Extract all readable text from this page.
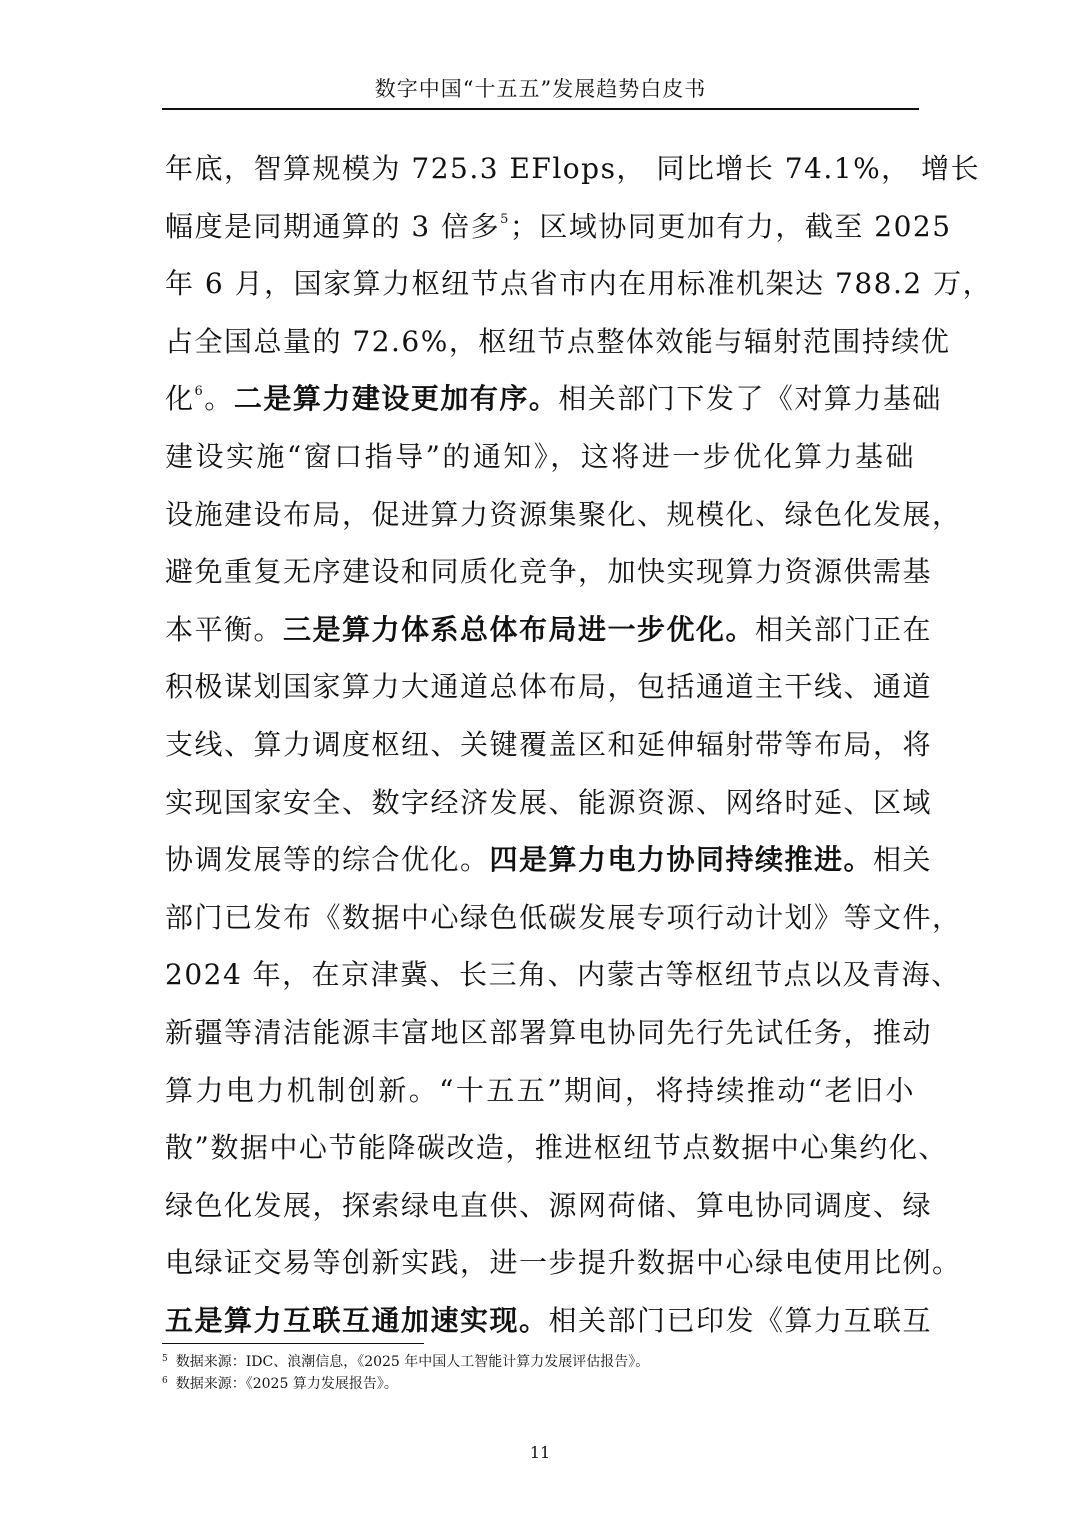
数字中国“十五五”发展趋势白皮书
年底，智算规模为 725.3 EFlops， 同比增长 74.1%， 增长
幅度是同期通算的 3 倍多$^5$；区域协同更加有力，截至 2025
年 6 月，国家算力枢纽节点省市内在用标准机架达 788.2 万，
占全国总量的 72.6%，枢纽节点整体效能与辐射范围持续优
化$^6$。二是算力建设更加有序。相关部门下发了《对算力基础
建设实施“窗口指导”的通知》，这将进一步优化算力基础
设施建设布局，促进算力资源集聚化、规模化、绿色化发展，
避免重复无序建设和同质化竞争，加快实现算力资源供需基
本平衡。三是算力体系总体布局进一步优化。相关部门正在
积极谋划国家算力大通道总体布局，包括通道主干线、通道
支线、算力调度枢纽、关键覆盖区和延伸辐射带等布局，将
实现国家安全、数字经济发展、能源资源、网络时延、区域
协调发展等的综合优化。四是算力电力协同持续推进。相关
部门已发布《数据中心绿色低碳发展专项行动计划》等文件，
2024 年，在京津冀、长三角、内蒙古等枢纽节点以及青海、
新疆等清洁能源丰富地区部署算电协同先行先试任务，推动
算力电力机制创新。“十五五”期间，将持续推动“老旧小
散”数据中心节能降碳改造，推进枢纽节点数据中心集约化、
绿色化发展，探索绿电直供、源网荷储、算电协同调度、绿
电绿证交易等创新实践，进一步提升数据中心绿电使用比例。
五是算力互联互通加速实现。相关部门已印发《算力互联互
$^5$ 数据来源：IDC、浪潮信息，《2025 年中国人工智能计算力发展评估报告》。
$^6$ 数据来源：《2025 算力发展报告》。
11
